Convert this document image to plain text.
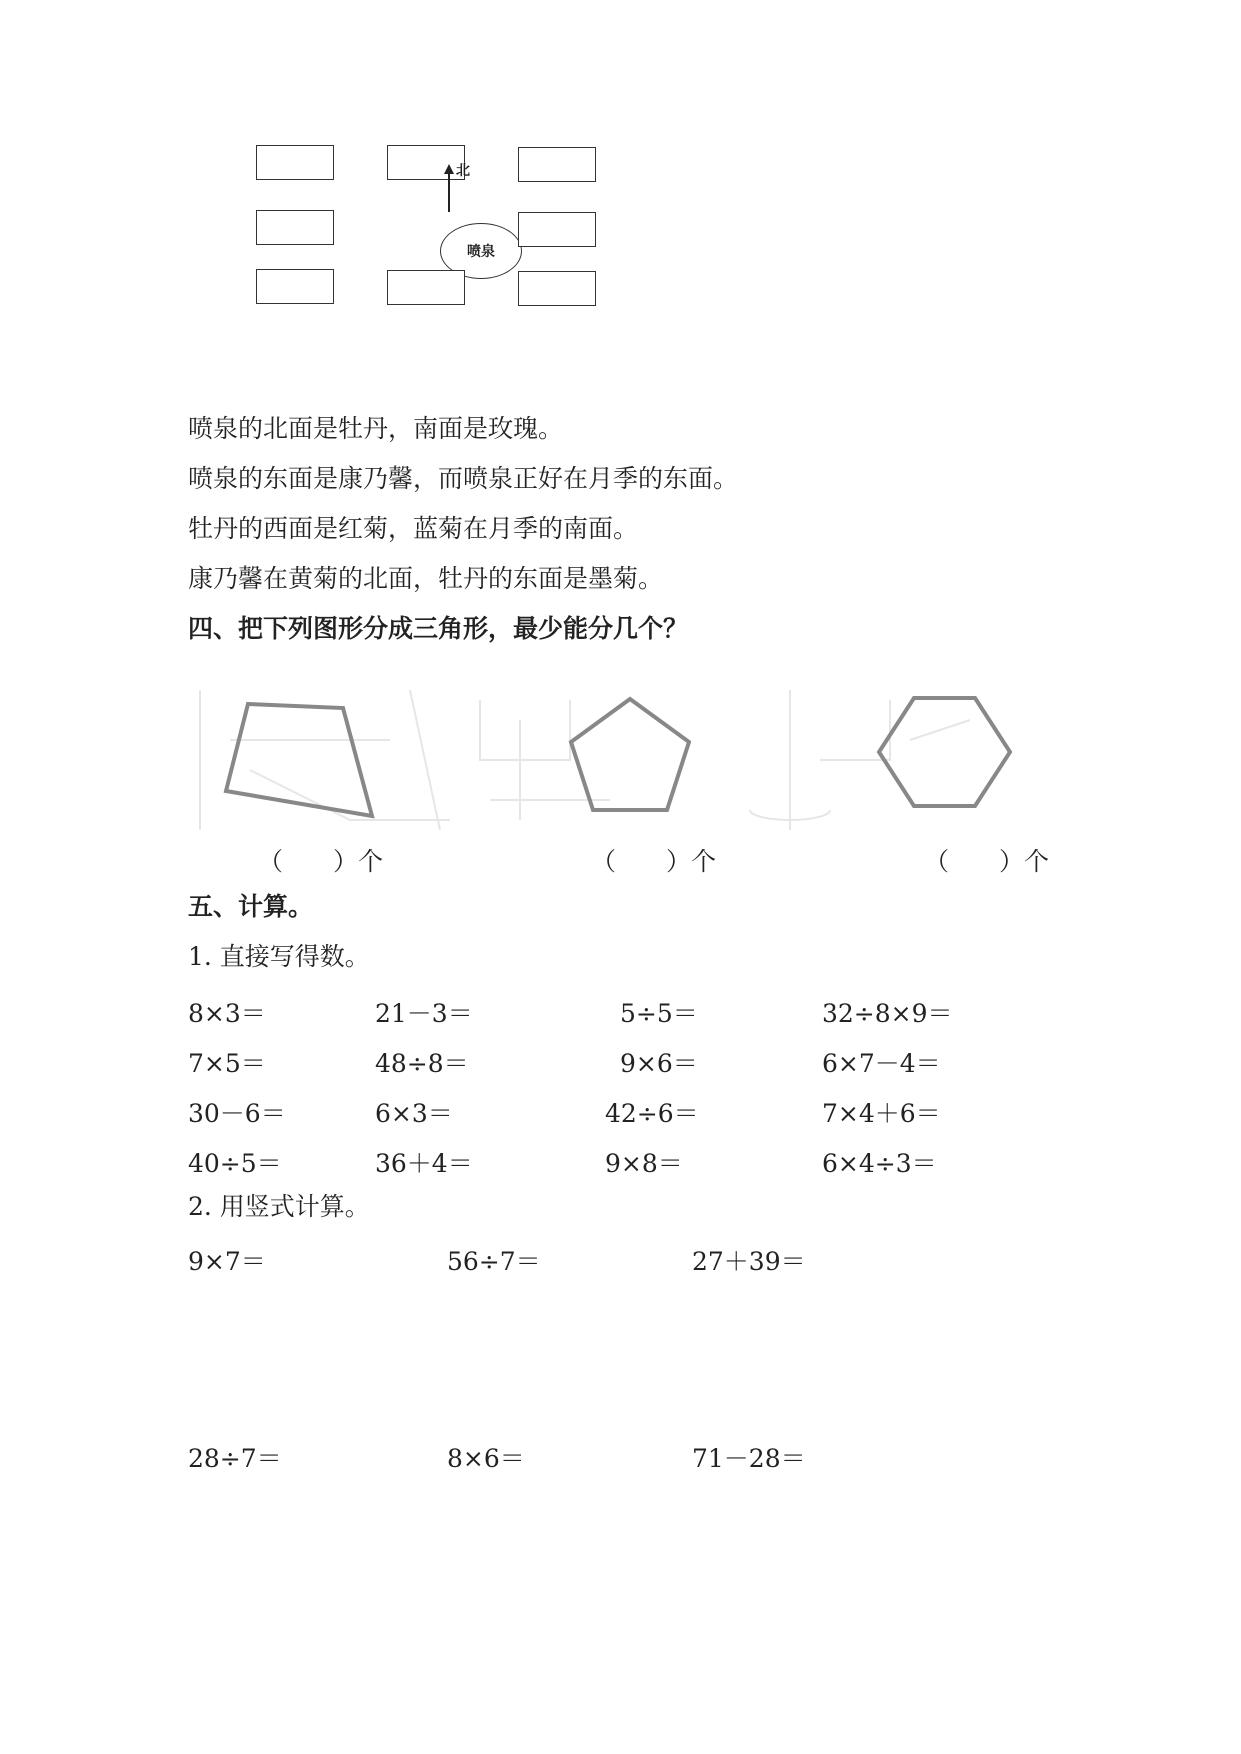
喷泉
北
喷泉的北面是牡丹，南面是玫瑰。
喷泉的东面是康乃馨，而喷泉正好在月季的东面。
牡丹的西面是红菊，蓝菊在月季的南面。
康乃馨在黄菊的北面，牡丹的东面是墨菊。
四、把下列图形分成三角形，最少能分几个？
（　　）个	（　　）个	（　　）个
五、计算。
1. 直接写得数。
8×3＝	21－3＝	5÷5＝	32÷8×9＝
7×5＝	48÷8＝	9×6＝	6×7－4＝
30－6＝	6×3＝	42÷6＝	7×4＋6＝
40÷5＝	36＋4＝	9×8＝	6×4÷3＝
2. 用竖式计算。
9×7＝	56÷7＝	27＋39＝
28÷7＝	8×6＝	71－28＝
